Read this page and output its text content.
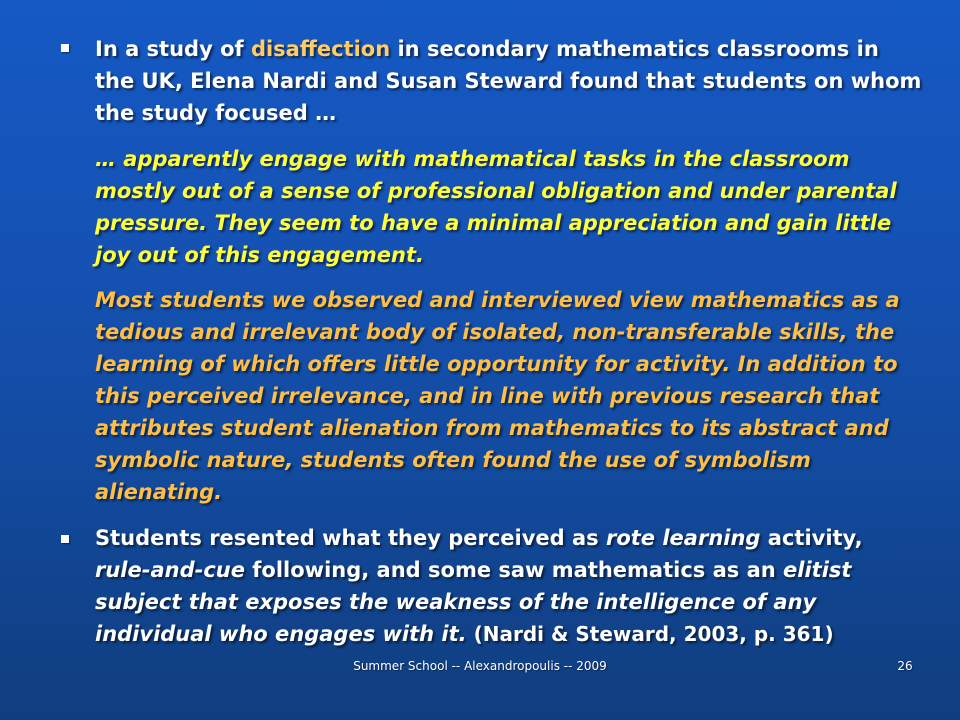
In a study of disaffection in secondary mathematics classrooms in the UK, Elena Nardi and Susan Steward found that students on whom the study focused …

… apparently engage with mathematical tasks in the classroom mostly out of a sense of professional obligation and under parental pressure. They seem to have a minimal appreciation and gain little joy out of this engagement.

Most students we observed and interviewed view mathematics as a tedious and irrelevant body of isolated, non-transferable skills, the learning of which offers little opportunity for activity. In addition to this perceived irrelevance, and in line with previous research that attributes student alienation from mathematics to its abstract and symbolic nature, students often found the use of symbolism alienating.

Students resented what they perceived as rote learning activity, rule-and-cue following, and some saw mathematics as an elitist subject that exposes the weakness of the intelligence of any individual who engages with it. (Nardi & Steward, 2003, p. 361)

Summer School -- Alexandropoulis -- 2009	26
